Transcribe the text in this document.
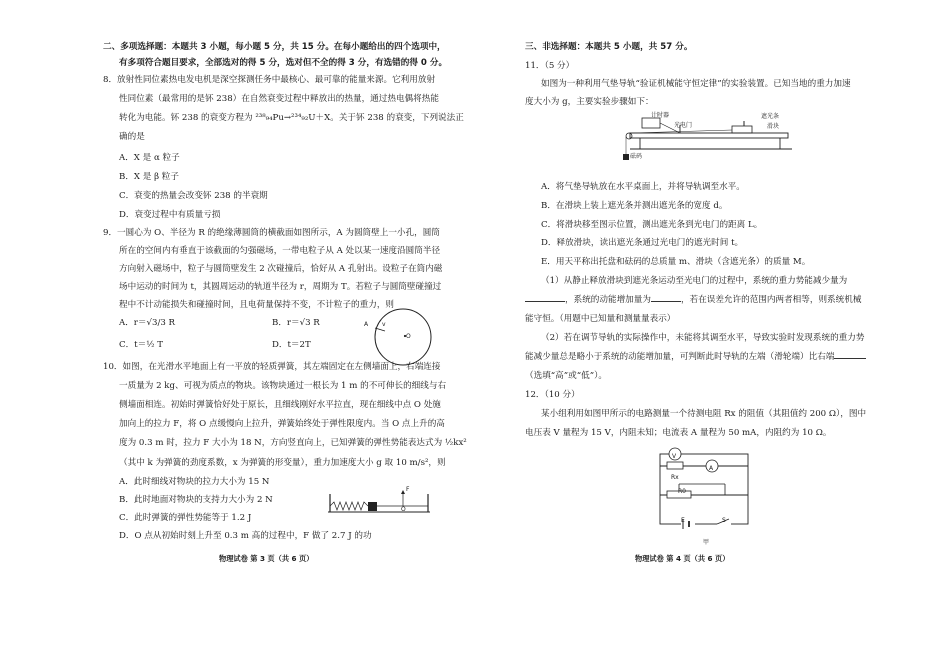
二、多项选择题：本题共 3 小题，每小题 5 分，共 15 分。在每小题给出的四个选项中，
有多项符合题目要求，全部选对的得 5 分，选对但不全的得 3 分，有选错的得 0 分。
8．放射性同位素热电发电机是深空探测任务中最核心、最可靠的能量来源。它利用放射
性同位素（最常用的是钚 238）在自然衰变过程中释放出的热量，通过热电偶将热能
转化为电能。钚 238 的衰变方程为 ²³⁸₉₄Pu→²³⁴₉₂U＋X。关于钚 238 的衰变，下列说法正
确的是
A．X 是 α 粒子
B．X 是 β 粒子
C．衰变的热量会改变钚 238 的半衰期
D．衰变过程中有质量亏损
9．一圆心为 O、半径为 R 的绝缘薄圆筒的横截面如图所示，A 为圆筒壁上一小孔，圆筒
所在的空间内有垂直于该截面的匀强磁场，一带电粒子从 A 处以某一速度沿圆筒半径
方向射入磁场中，粒子与圆筒壁发生 2 次碰撞后，恰好从 A 孔射出。设粒子在筒内磁
场中运动的时间为 t，其圆周运动的轨道半径为 r，周期为 T。若粒子与圆筒壁碰撞过
程中不计动能损失和碰撞时间，且电荷量保持不变，不计粒子的重力，则
A．r＝√3/3 R	B．r＝√3 R
C．t＝½ T	D．t＝2T
A v
O
10．如图，在光滑水平地面上有一平放的轻质弹簧，其左端固定在左侧墙面上，右端连接
一质量为 2 kg、可视为质点的物块。该物块通过一根长为 1 m 的不可伸长的细线与右
侧墙面相连。初始时弹簧恰好处于原长，且细线刚好水平拉直，现在细线中点 O 处施
加向上的拉力 F，将 O 点缓慢向上拉升，弹簧始终处于弹性限度内。当 O 点上升的高
度为 0.3 m 时，拉力 F 大小为 18 N，方向竖直向上，已知弹簧的弹性势能表达式为 ½kx²
（其中 k 为弹簧的劲度系数，x 为弹簧的形变量），重力加速度大小 g 取 10 m/s²，则
A．此时细线对物块的拉力大小为 15 N
B．此时地面对物块的支持力大小为 2 N
C．此时弹簧的弹性势能等于 1.2 J
D．O 点从初始时刻上升至 0.3 m 高的过程中，F 做了 2.7 J 的功
F
O
物理试卷 第 3 页（共 6 页）
三、非选择题：本题共 5 小题，共 57 分。
11．（5 分）
如图为一种利用气垫导轨“验证机械能守恒定律”的实验装置。已知当地的重力加速
度大小为 g，主要实验步骤如下：
计时器	遮光条
滑块
光电门
砝码
A．将气垫导轨放在水平桌面上，并将导轨调至水平。
B．在滑块上装上遮光条并测出遮光条的宽度 d。
C．将滑块移至图示位置，测出遮光条到光电门的距离 L。
D．释放滑块，读出遮光条通过光电门的遮光时间 t。
E．用天平称出托盘和砝码的总质量 m、滑块（含遮光条）的质量 M。
（1）从静止释放滑块到遮光条运动至光电门的过程中，系统的重力势能减少量为
，系统的动能增加量为	，若在误差允许的范围内两者相等，则系统机械
能守恒。（用题中已知量和测量量表示）
（2）若在调节导轨的实际操作中，未能将其调至水平，导致实验时发现系统的重力势
能减少量总是略小于系统的动能增加量，可判断此时导轨的左端（滑轮端）比右端
（选填“高”或“低”）。
12．（10 分）
某小组利用如图甲所示的电路测量一个待测电阻 Rx 的阻值（其阻值约 200 Ω），图中
电压表 V 量程为 15 V，内阻未知；电流表 A 量程为 50 mA，内阻约为 10 Ω。
V
A
Rx
R0
E	S
甲
物理试卷 第 4 页（共 6 页）
